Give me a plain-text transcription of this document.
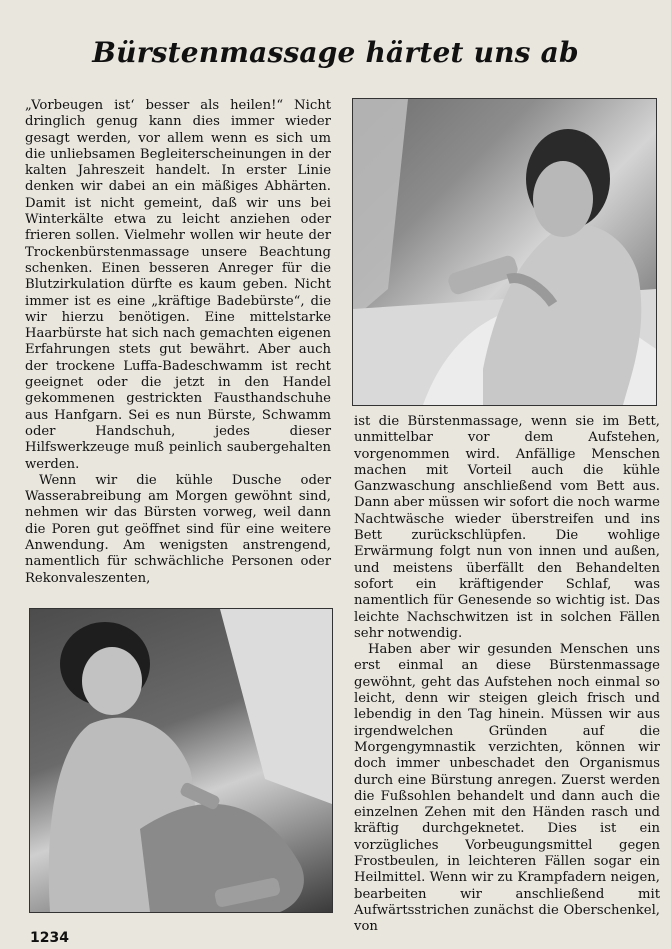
Bürstenmassage härtet uns ab

„Vorbeugen ist‘ besser als heilen!“ Nicht dringlich genug kann dies immer wieder gesagt werden, vor allem wenn es sich um die unliebsamen Begleiterscheinungen in der kalten Jahreszeit handelt. In erster Linie denken wir dabei an ein mäßiges Abhärten. Damit ist nicht gemeint, daß wir uns bei Winterkälte etwa zu leicht anziehen oder frieren sollen. Vielmehr wollen wir heute der Trockenbürstenmassage unsere Beachtung schenken. Einen besseren Anreger für die Blutzirkulation dürfte es kaum geben. Nicht immer ist es eine „kräftige Badebürste“, die wir hierzu benötigen. Eine mittelstarke Haarbürste hat sich nach gemachten eigenen Erfahrungen stets gut bewährt. Aber auch der trockene Luffa-Badeschwamm ist recht geeignet oder die jetzt in den Handel gekommenen gestrickten Fausthandschuhe aus Hanfgarn. Sei es nun Bürste, Schwamm oder Handschuh, jedes dieser Hilfswerkzeuge muß peinlich saubergehalten werden.

Wenn wir die kühle Dusche oder Wasserabreibung am Morgen gewöhnt sind, nehmen wir das Bürsten vorweg, weil dann die Poren gut geöffnet sind für eine weitere Anwendung. Am wenigsten anstrengend, namentlich für schwächliche Personen oder Rekonvaleszenten,

ist die Bürstenmassage, wenn sie im Bett, unmittelbar vor dem Aufstehen, vorgenommen wird. Anfällige Menschen machen mit Vorteil auch die kühle Ganzwaschung anschließend vom Bett aus. Dann aber müssen wir sofort die noch warme Nachtwäsche wieder überstreifen und ins Bett zurückschlüpfen. Die wohlige Erwärmung folgt nun von innen und außen, und meistens überfällt den Behandelten sofort ein kräftigender Schlaf, was namentlich für Genesende so wichtig ist. Das leichte Nachschwitzen ist in solchen Fällen sehr notwendig.

Haben aber wir gesunden Menschen uns erst einmal an diese Bürstenmassage gewöhnt, geht das Aufstehen noch einmal so leicht, denn wir steigen gleich frisch und lebendig in den Tag hinein. Müssen wir aus irgendwelchen Gründen auf die Morgengymnastik verzichten, können wir doch immer unbeschadet den Organismus durch eine Bürstung anregen. Zuerst werden die Fußsohlen behandelt und dann auch die einzelnen Zehen mit den Händen rasch und kräftig durchgeknetet. Dies ist ein vorzügliches Vorbeugungsmittel gegen Frostbeulen, in leichteren Fällen sogar ein Heilmittel. Wenn wir zu Krampfadern neigen, bearbeiten wir anschließend mit Aufwärtsstrichen zunächst die Oberschenkel, von

1234
